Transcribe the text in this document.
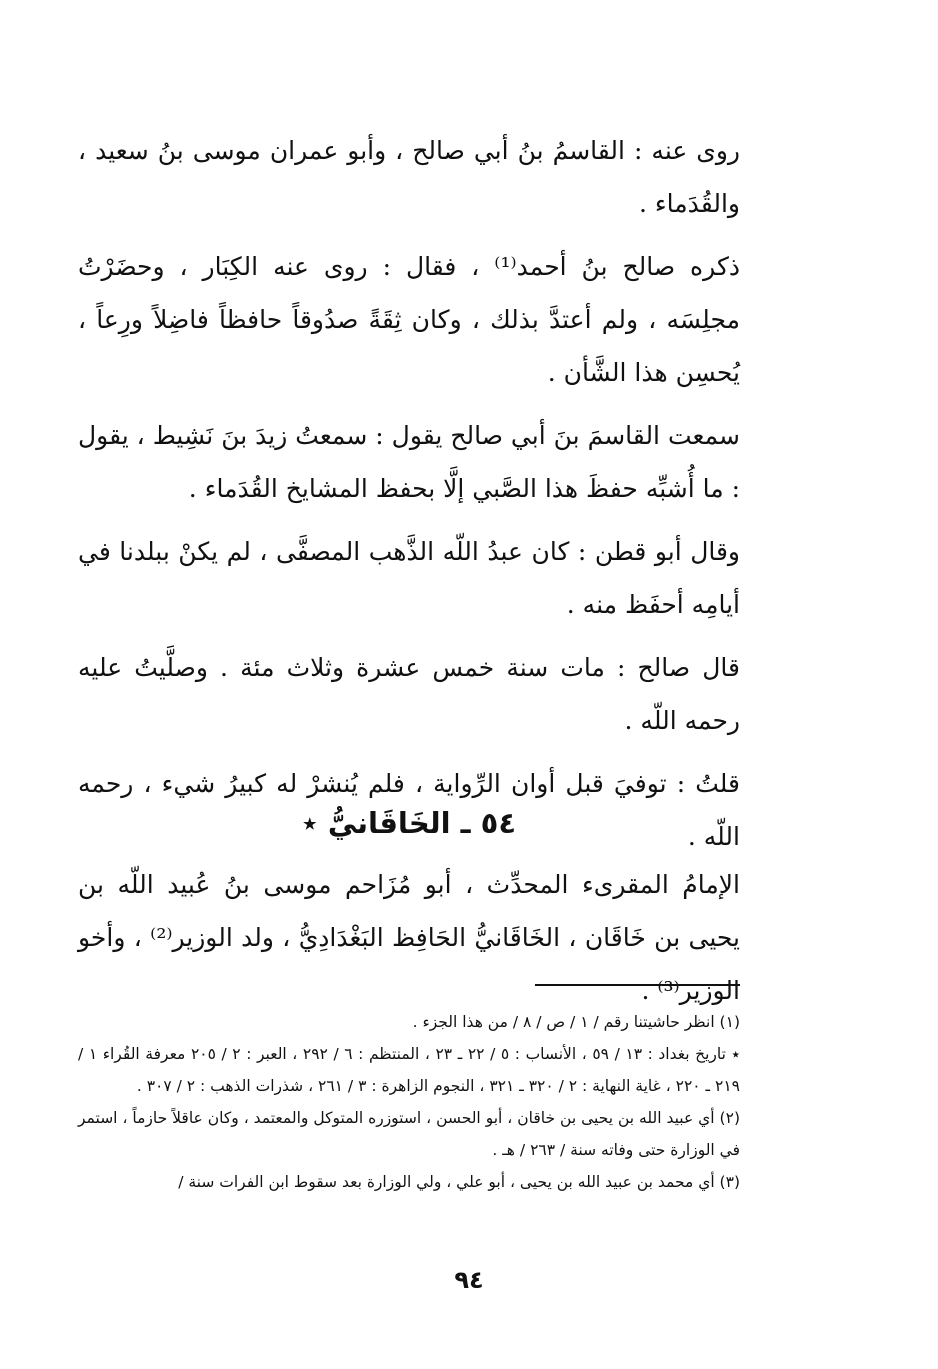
روى عنه : القاسمُ بنُ أبي صالح ، وأبو عمران موسى بنُ سعيد ، والقُدَماء .

ذكره صالح بنُ أحمد⁽¹⁾ ، فقال : روى عنه الكِبَار ، وحضَرْتُ مجلِسَه ، ولم أعتدَّ بذلك ، وكان ثِقَةً صدُوقاً حافظاً فاضِلاً ورِعاً ، يُحسِن هذا الشَّأن .

سمعت القاسمَ بنَ أبي صالح يقول : سمعتُ زيدَ بنَ نَشِيط ، يقول : ما أُشبِّه حفظَ هذا الصَّبي إلَّا بحفظ المشايخ القُدَماء .

وقال أبو قطن : كان عبدُ اللّه الذَّهب المصفَّى ، لم يكنْ ببلدنا في أيامِه أحفَظ منه .

قال صالح : مات سنة خمس عشرة وثلاث مئة . وصلَّيتُ عليه رحمه اللّه .

قلتُ : توفيَ قبل أوان الرِّواية ، فلم يُنشرْ له كبيرُ شيء ، رحمه اللّه .

٥٤ ـ الخَاقَانيُّ ٭

الإمامُ المقرىء المحدِّث ، أبو مُزَاحم موسى بنُ عُبيد اللّه بن يحيى بن خَاقَان ، الخَاقَانيُّ الحَافِظ البَغْدَادِيُّ ، ولد الوزير⁽²⁾ ، وأخو الوزير⁽³⁾ .

(١) انظر حاشيتنا رقم / ١ / ص / ٨ / من هذا الجزء .

٭ تاريخ بغداد : ١٣ / ٥٩ ، الأنساب : ٥ / ٢٢ ـ ٢٣ ، المنتظم : ٦ / ٢٩٢ ، العبر : ٢ / ٢٠٥ معرفة القُراء ١ / ٢١٩ ـ ٢٢٠ ، غاية النهاية : ٢ / ٣٢٠ ـ ٣٢١ ، النجوم الزاهرة : ٣ / ٢٦١ ، شذرات الذهب : ٢ / ٣٠٧ .

(٢) أي عبيد الله بن يحيى بن خاقان ، أبو الحسن ، استوزره المتوكل والمعتمد ، وكان عاقلاً حازماً ، استمر في الوزارة حتى وفاته سنة / ٢٦٣ / هـ .

(٣) أي محمد بن عبيد الله بن يحيى ، أبو علي ، ولي الوزارة بعد سقوط ابن الفرات سنة /

٩٤
